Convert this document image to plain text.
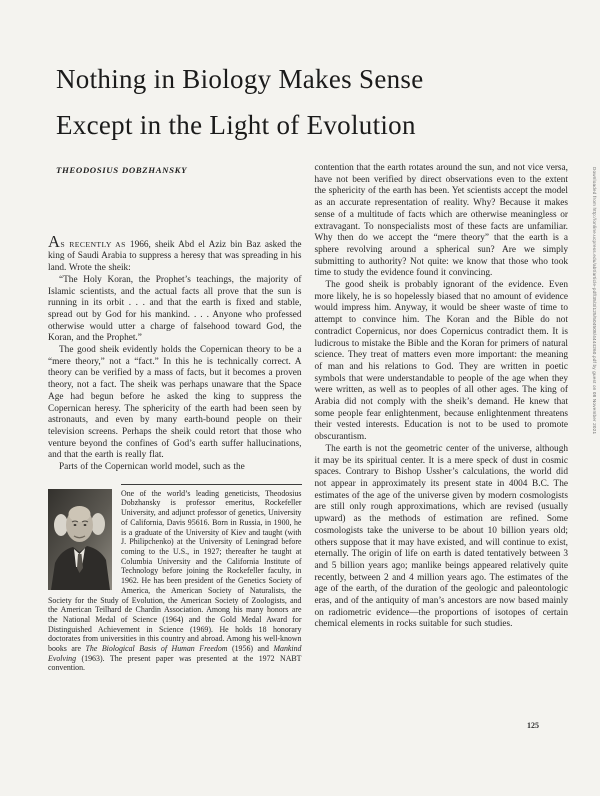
Nothing in Biology Makes Sense
Except in the Light of Evolution
THEODOSIUS DOBZHANSKY

AS RECENTLY AS 1966, sheik Abd el Aziz bin Baz asked the king of Saudi Arabia to suppress a heresy that was spreading in his land. Wrote the sheik:

“The Holy Koran, the Prophet’s teachings, the majority of Islamic scientists, and the actual facts all prove that the sun is running in its orbit . . . and that the earth is fixed and stable, spread out by God for his mankind. . . . Anyone who professed otherwise would utter a charge of falsehood toward God, the Koran, and the Prophet.”

The good sheik evidently holds the Copernican theory to be a “mere theory,” not a “fact.” In this he is technically correct. A theory can be verified by a mass of facts, but it becomes a proven theory, not a fact. The sheik was perhaps unaware that the Space Age had begun before he asked the king to suppress the Copernican heresy. The sphericity of the earth had been seen by astronauts, and even by many earth-bound people on their television screens. Perhaps the sheik could retort that those who venture beyond the confines of God’s earth suffer hallucinations, and that the earth is really flat.

Parts of the Copernican world model, such as the

One of the world’s leading geneticists, Theodosius Dobzhansky is professor emeritus, Rockefeller University, and adjunct professor of genetics, University of California, Davis 95616. Born in Russia, in 1900, he is a graduate of the University of Kiev and taught (with J. Philipchenko) at the University of Leningrad before coming to the U.S., in 1927; thereafter he taught at Columbia University and the California Institute of Technology before joining the Rockefeller faculty, in 1962. He has been president of the Genetics Society of America, the American Society of Naturalists, the Society for the Study of Evolution, the American Society of Zoologists, and the American Teilhard de Chardin Association. Among his many honors are the National Medal of Science (1964) and the Gold Medal Award for Distinguished Achievement in Science (1969). He holds 18 honorary doctorates from universities in this country and abroad. Among his well-known books are The Biological Basis of Human Freedom (1956) and Mankind Evolving (1963). The present paper was presented at the 1972 NABT convention.

contention that the earth rotates around the sun, and not vice versa, have not been verified by direct observations even to the extent the sphericity of the earth has been. Yet scientists accept the model as an accurate representation of reality. Why? Because it makes sense of a multitude of facts which are otherwise meaningless or extravagant. To nonspecialists most of these facts are unfamiliar. Why then do we accept the “mere theory” that the earth is a sphere revolving around a spherical sun? Are we simply submitting to authority? Not quite: we know that those who took time to study the evidence found it convincing.

The good sheik is probably ignorant of the evidence. Even more likely, he is so hopelessly biased that no amount of evidence would impress him. Anyway, it would be sheer waste of time to attempt to convince him. The Koran and the Bible do not contradict Copernicus, nor does Copernicus contradict them. It is ludicrous to mistake the Bible and the Koran for primers of natural science. They treat of matters even more important: the meaning of man and his relations to God. They are written in poetic symbols that were understandable to people of the age when they were written, as well as to peoples of all other ages. The king of Arabia did not comply with the sheik’s demand. He knew that some people fear enlightenment, because enlightenment threatens their vested interests. Education is not to be used to promote obscurantism.

The earth is not the geometric center of the universe, although it may be its spiritual center. It is a mere speck of dust in cosmic spaces. Contrary to Bishop Ussher’s calculations, the world did not appear in approximately its present state in 4004 B.C. The estimates of the age of the universe given by modern cosmologists are still only rough approximations, which are revised (usually upward) as the methods of estimation are refined. Some cosmologists take the universe to be about 10 billion years old; others suppose that it may have existed, and will continue to exist, eternally. The origin of life on earth is dated tentatively between 3 and 5 billion years ago; manlike beings appeared relatively quite recently, between 2 and 4 million years ago. The estimates of the age of the earth, of the duration of the geologic and paleontologic eras, and of the antiquity of man’s ancestors are now based mainly on radiometric evidence—the proportions of isotopes of certain chemical elements in rocks suitable for such studies.

125
Downloaded from http://online.ucpress.edu/abt/article-pdf/35/3/125/504508/4444260.pdf by guest on 08 November 2021
